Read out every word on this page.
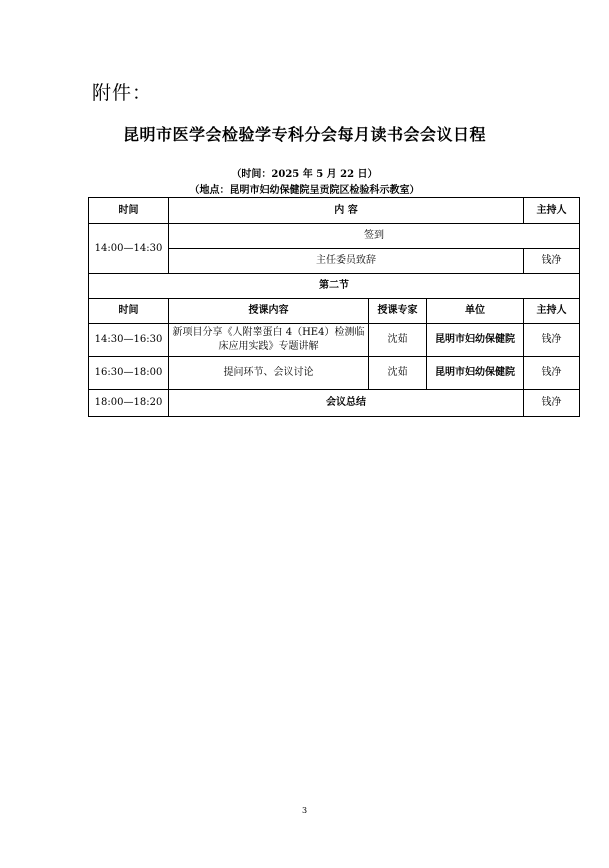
附件：
昆明市医学会检验学专科分会每月读书会会议日程
（时间：2025 年 5 月 22 日）
（地点：昆明市妇幼保健院呈贡院区检验科示教室）
时间	内 容			主持人
14:00—14:30	签到			
	主任委员致辞			钱净
第二节				
时间	授课内容	授课专家	单位	主持人
14:30—16:30	新项目分享《人附睾蛋白 4（HE4）检测临床应用实践》专题讲解	沈茹	昆明市妇幼保健院	钱净
16:30—18:00	提问环节、会议讨论	沈茹	昆明市妇幼保健院	钱净
18:00—18:20	会议总结			钱净
3
